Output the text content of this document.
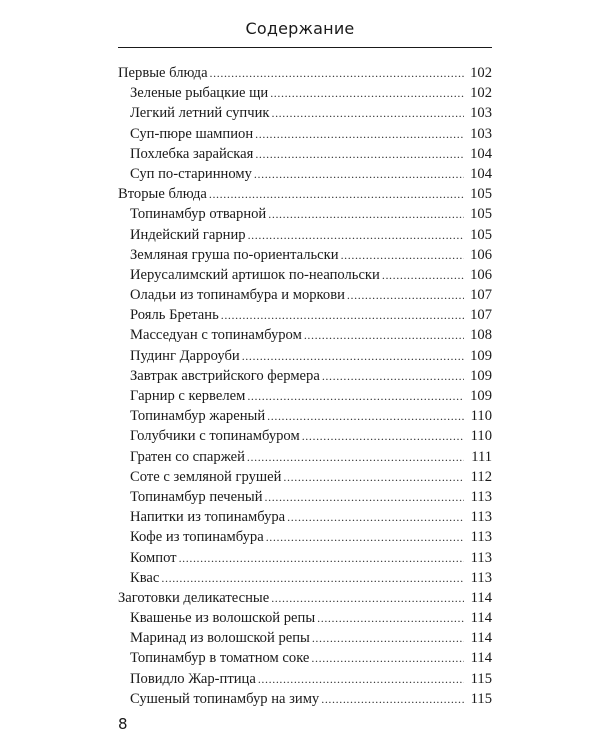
Содержание
Первые блюда .....	102
Зеленые рыбацкие щи .....	102
Легкий летний супчик .....	103
Суп-пюре шампион .....	103
Похлебка зарайская .....	104
Суп по-старинному .....	104
Вторые блюда .....	105
Топинамбур отварной .....	105
Индейский гарнир .....	105
Земляная груша по-ориентальски .....	106
Иерусалимский артишок по-неапольски .....	106
Оладьи из топинамбура и моркови .....	107
Рояль Бретань .....	107
Масседуан с топинамбуром .....	108
Пудинг Дарроуби .....	109
Завтрак австрийского фермера .....	109
Гарнир с кервелем .....	109
Топинамбур жареный .....	110
Голубчики с топинамбуром .....	110
Гратен со спаржей .....	111
Соте с земляной грушей .....	112
Топинамбур печеный .....	113
Напитки из топинамбура .....	113
Кофе из топинамбура .....	113
Компот .....	113
Квас .....	113
Заготовки деликатесные .....	114
Квашенье из волошской репы .....	114
Маринад из волошской репы .....	114
Топинамбур в томатном соке .....	114
Повидло Жар-птица .....	115
Сушеный топинамбур на зиму .....	115
8
